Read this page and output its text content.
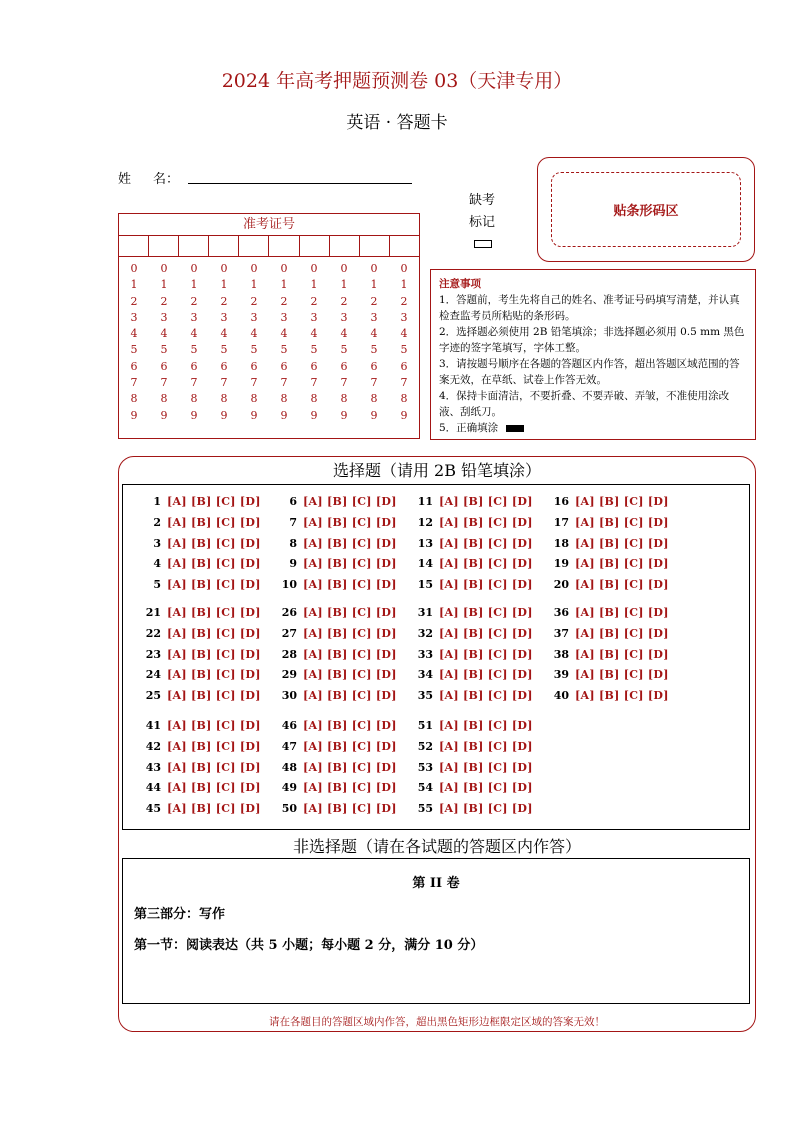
2024 年高考押题预测卷 03（天津专用）
英语 · 答题卡
姓 名：
缺考
标记
贴条形码区
准考证号
0
1
2
3
4
5
6
7
8
9
0
1
2
3
4
5
6
7
8
9
0
1
2
3
4
5
6
7
8
9
0
1
2
3
4
5
6
7
8
9
0
1
2
3
4
5
6
7
8
9
0
1
2
3
4
5
6
7
8
9
0
1
2
3
4
5
6
7
8
9
0
1
2
3
4
5
6
7
8
9
0
1
2
3
4
5
6
7
8
9
0
1
2
3
4
5
6
7
8
9
注意事项
1．答题前，考生先将自己的姓名、准考证号码填写清楚，并认真检查监考员所粘贴的条形码。
2．选择题必须使用 2B 铅笔填涂；非选择题必须用 0.5 mm 黑色字迹的签字笔填写，字体工整。
3．请按题号顺序在各题的答题区内作答，超出答题区域范围的答案无效，在草纸、试卷上作答无效。
4．保持卡面清洁，不要折叠、不要弄破、弄皱，不准使用涂改液、刮纸刀。
5．正确填涂
选择题（请用 2B 铅笔填涂）
1 [A] [B] [C] [D]
2 [A] [B] [C] [D]
3 [A] [B] [C] [D]
4 [A] [B] [C] [D]
5 [A] [B] [C] [D]
6 [A] [B] [C] [D]
7 [A] [B] [C] [D]
8 [A] [B] [C] [D]
9 [A] [B] [C] [D]
10 [A] [B] [C] [D]
11 [A] [B] [C] [D]
12 [A] [B] [C] [D]
13 [A] [B] [C] [D]
14 [A] [B] [C] [D]
15 [A] [B] [C] [D]
16 [A] [B] [C] [D]
17 [A] [B] [C] [D]
18 [A] [B] [C] [D]
19 [A] [B] [C] [D]
20 [A] [B] [C] [D]
21 [A] [B] [C] [D]
22 [A] [B] [C] [D]
23 [A] [B] [C] [D]
24 [A] [B] [C] [D]
25 [A] [B] [C] [D]
26 [A] [B] [C] [D]
27 [A] [B] [C] [D]
28 [A] [B] [C] [D]
29 [A] [B] [C] [D]
30 [A] [B] [C] [D]
31 [A] [B] [C] [D]
32 [A] [B] [C] [D]
33 [A] [B] [C] [D]
34 [A] [B] [C] [D]
35 [A] [B] [C] [D]
36 [A] [B] [C] [D]
37 [A] [B] [C] [D]
38 [A] [B] [C] [D]
39 [A] [B] [C] [D]
40 [A] [B] [C] [D]
41 [A] [B] [C] [D]
42 [A] [B] [C] [D]
43 [A] [B] [C] [D]
44 [A] [B] [C] [D]
45 [A] [B] [C] [D]
46 [A] [B] [C] [D]
47 [A] [B] [C] [D]
48 [A] [B] [C] [D]
49 [A] [B] [C] [D]
50 [A] [B] [C] [D]
51 [A] [B] [C] [D]
52 [A] [B] [C] [D]
53 [A] [B] [C] [D]
54 [A] [B] [C] [D]
55 [A] [B] [C] [D]
非选择题（请在各试题的答题区内作答）
第 II 卷
第三部分：写作
第一节：阅读表达（共 5 小题；每小题 2 分，满分 10 分）
请在各题目的答题区域内作答，超出黑色矩形边框限定区域的答案无效！
